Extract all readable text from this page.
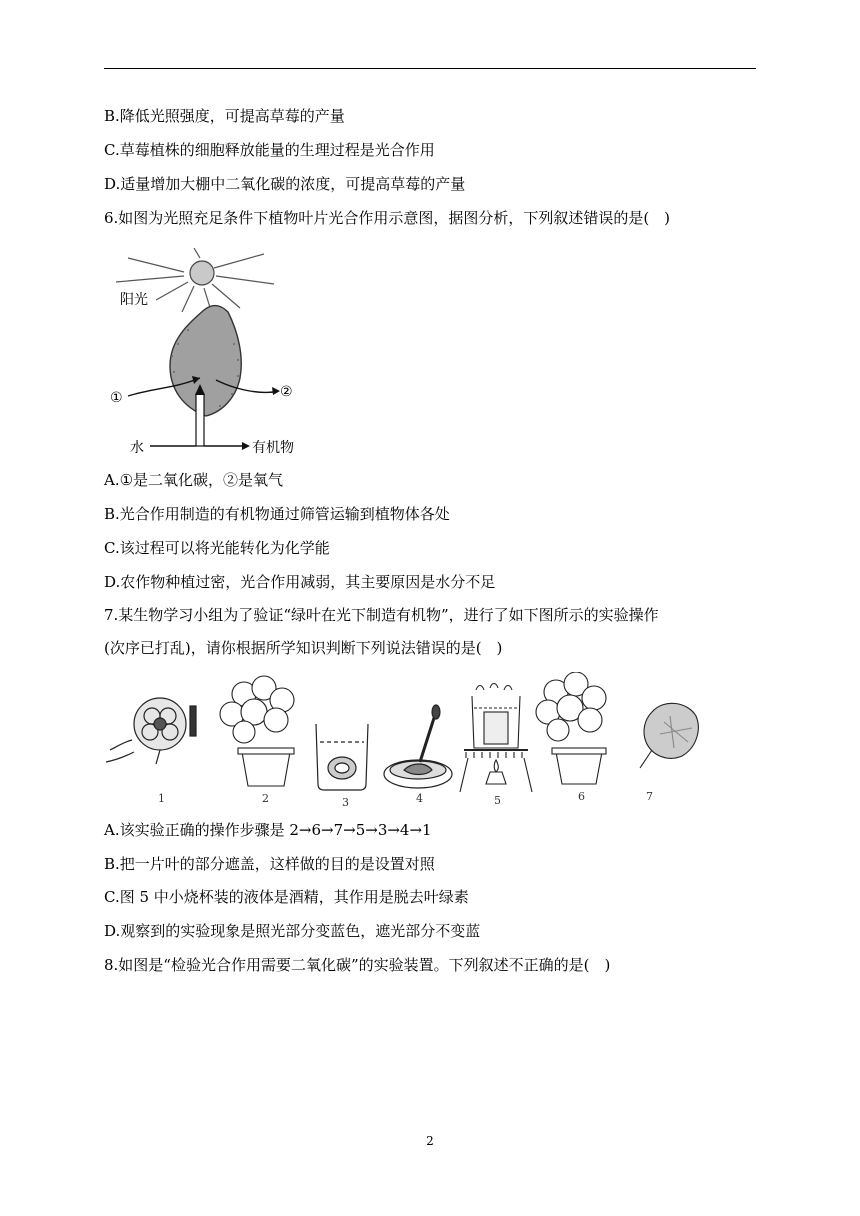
B.降低光照强度，可提高草莓的产量
C.草莓植株的细胞释放能量的生理过程是光合作用
D.适量增加大棚中二氧化碳的浓度，可提高草莓的产量
6.如图为光照充足条件下植物叶片光合作用示意图，据图分析，下列叙述错误的是(　)
阳光
①	②
水	有机物
A.①是二氧化碳，②是氧气
B.光合作用制造的有机物通过筛管运输到植物体各处
C.该过程可以将光能转化为化学能
D.农作物种植过密，光合作用减弱，其主要原因是水分不足
7.某生物学习小组为了验证“绿叶在光下制造有机物”，进行了如下图所示的实验操作
(次序已打乱)，请你根据所学知识判断下列说法错误的是(　)
1	2	3	4	5	6	7
A.该实验正确的操作步骤是 2→6→7→5→3→4→1
B.把一片叶的部分遮盖，这样做的目的是设置对照
C.图 5 中小烧杯装的液体是酒精，其作用是脱去叶绿素
D.观察到的实验现象是照光部分变蓝色，遮光部分不变蓝
8.如图是“检验光合作用需要二氧化碳”的实验装置。下列叙述不正确的是(　)
2
